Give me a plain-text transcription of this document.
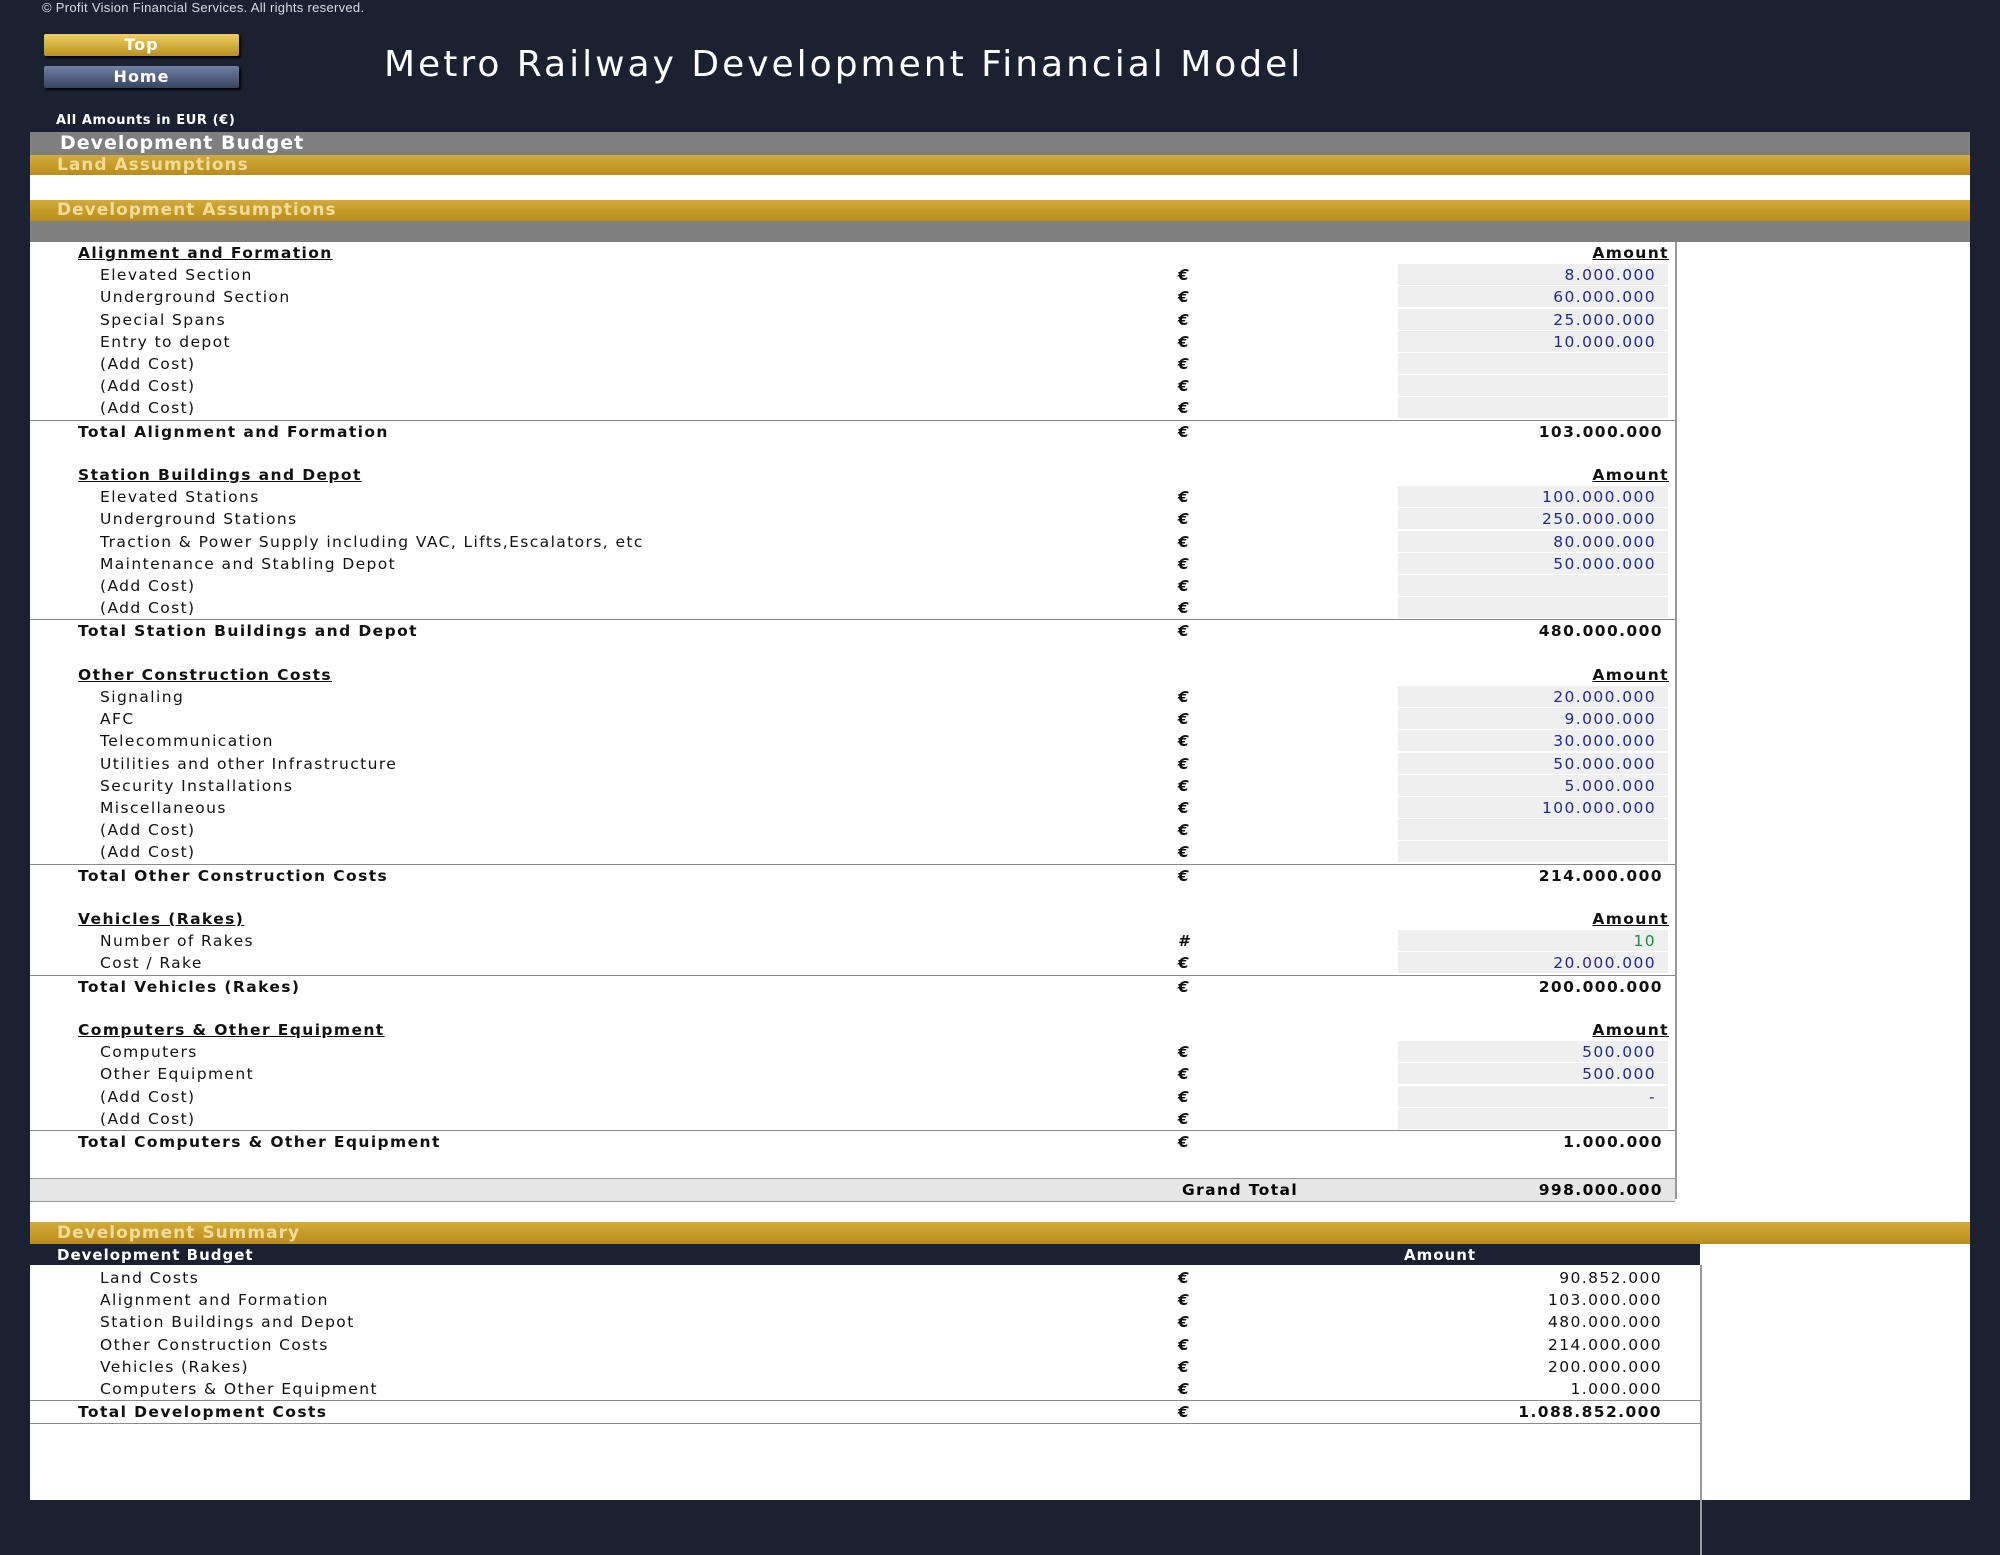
© Profit Vision Financial Services. All rights reserved.
Top
Home	Metro Railway Development Financial Model
All Amounts in EUR (€)
Development Budget
Land Assumptions
Development Assumptions
Alignment and Formation	Amount
Elevated Section	€	8.000.000
Underground Section	€	60.000.000
Special Spans	€	25.000.000
Entry to depot	€	10.000.000
(Add Cost)	€
(Add Cost)	€
(Add Cost)	€
Total Alignment and Formation	€	103.000.000
Station Buildings and Depot	Amount
Elevated Stations	€	100.000.000
Underground Stations	€	250.000.000
Traction & Power Supply including VAC, Lifts,Escalators, etc	€	80.000.000
Maintenance and Stabling Depot	€	50.000.000
(Add Cost)	€
(Add Cost)	€
Total Station Buildings and Depot	€	480.000.000
Other Construction Costs	Amount
Signaling	€	20.000.000
AFC	€	9.000.000
Telecommunication	€	30.000.000
Utilities and other Infrastructure	€	50.000.000
Security Installations	€	5.000.000
Miscellaneous	€	100.000.000
(Add Cost)	€
(Add Cost)	€
Total Other Construction Costs	€	214.000.000
Vehicles (Rakes)	Amount
Number of Rakes	#	10
Cost / Rake	€	20.000.000
Total Vehicles (Rakes)	€	200.000.000
Computers & Other Equipment	Amount
Computers	€	500.000
Other Equipment	€	500.000
(Add Cost)	€	-
(Add Cost)	€
Total Computers & Other Equipment	€	1.000.000
Grand Total	998.000.000
Development Summary
Development Budget	Amount
Land Costs	€	90.852.000
Alignment and Formation	€	103.000.000
Station Buildings and Depot	€	480.000.000
Other Construction Costs	€	214.000.000
Vehicles (Rakes)	€	200.000.000
Computers & Other Equipment	€	1.000.000
Total Development Costs	€	1.088.852.000
